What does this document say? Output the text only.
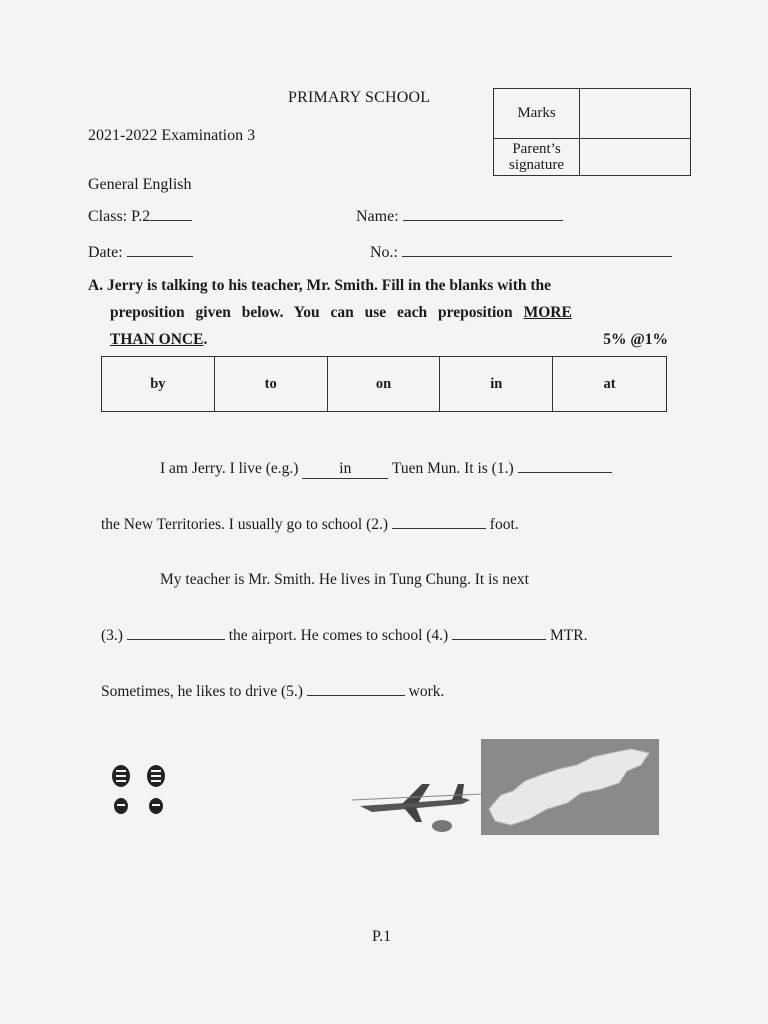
PRIMARY SCHOOL
2021-2022 Examination 3
General English
Class: P.2	Name:
Date:	No.:
Marks
Parent’s
signature
A. Jerry is talking to his teacher, Mr. Smith. Fill in the blanks with the
preposition given below. You can use each preposition MORE
THAN ONCE.	5% @1%
by	to	on	in	at
I am Jerry. I live (e.g.) in Tuen Mun. It is (1.)
the New Territories. I usually go to school (2.)	foot.
My teacher is Mr. Smith. He lives in Tung Chung. It is next
(3.)	the airport. He comes to school (4.)	MTR.
Sometimes, he likes to drive (5.)	work.
P.1
